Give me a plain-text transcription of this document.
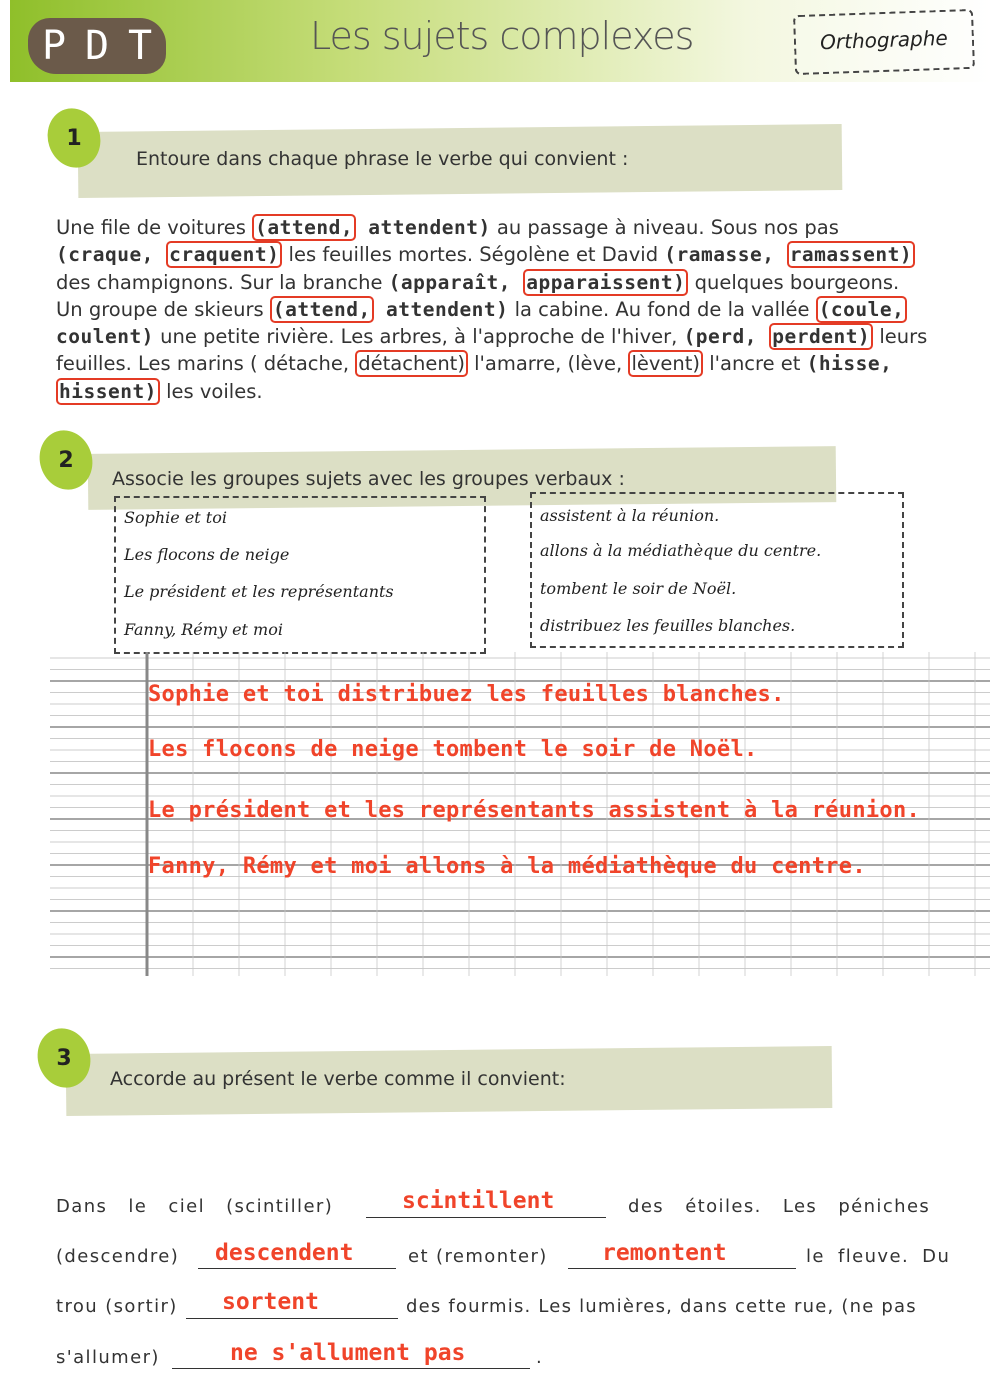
P D T	Les sujets complexes	Orthographe
1
Entoure dans chaque phrase le verbe qui convient :
Une file de voitures (attend, attendent) au passage à niveau. Sous nos pas
(craque, craquent) les feuilles mortes. Ségolène et David (ramasse, ramassent)
des champignons. Sur la branche (apparaît, apparaissent) quelques bourgeons.
Un groupe de skieurs (attend, attendent) la cabine. Au fond de la vallée (coule,
coulent) une petite rivière. Les arbres, à l'approche de l'hiver, (perd, perdent) leurs
feuilles. Les marins ( détache, détachent) l'amarre, (lève, lèvent) l'ancre et (hisse,
hissent) les voiles.
2
Associe les groupes sujets avec les groupes verbaux :
Sophie et toi
Les flocons de neige
Le président et les représentants
Fanny, Rémy et moi
assistent à la réunion.
allons à la médiathèque du centre.
tombent le soir de Noël.
distribuez les feuilles blanches.
Sophie et toi distribuez les feuilles blanches.
Les flocons de neige tombent le soir de Noël.
Le président et les représentants assistent à la réunion.
Fanny, Rémy et moi allons à la médiathèque du centre.
3
Accorde au présent le verbe comme il convient:
Dans le ciel (scintiller)	scintillent	des étoiles. Les péniches
(descendre) descendent	et (remonter) remontent	le fleuve. Du
trou (sortir) sortent	des fourmis. Les lumières, dans cette rue, (ne pas
s'allumer)	ne s'allument pas	.
